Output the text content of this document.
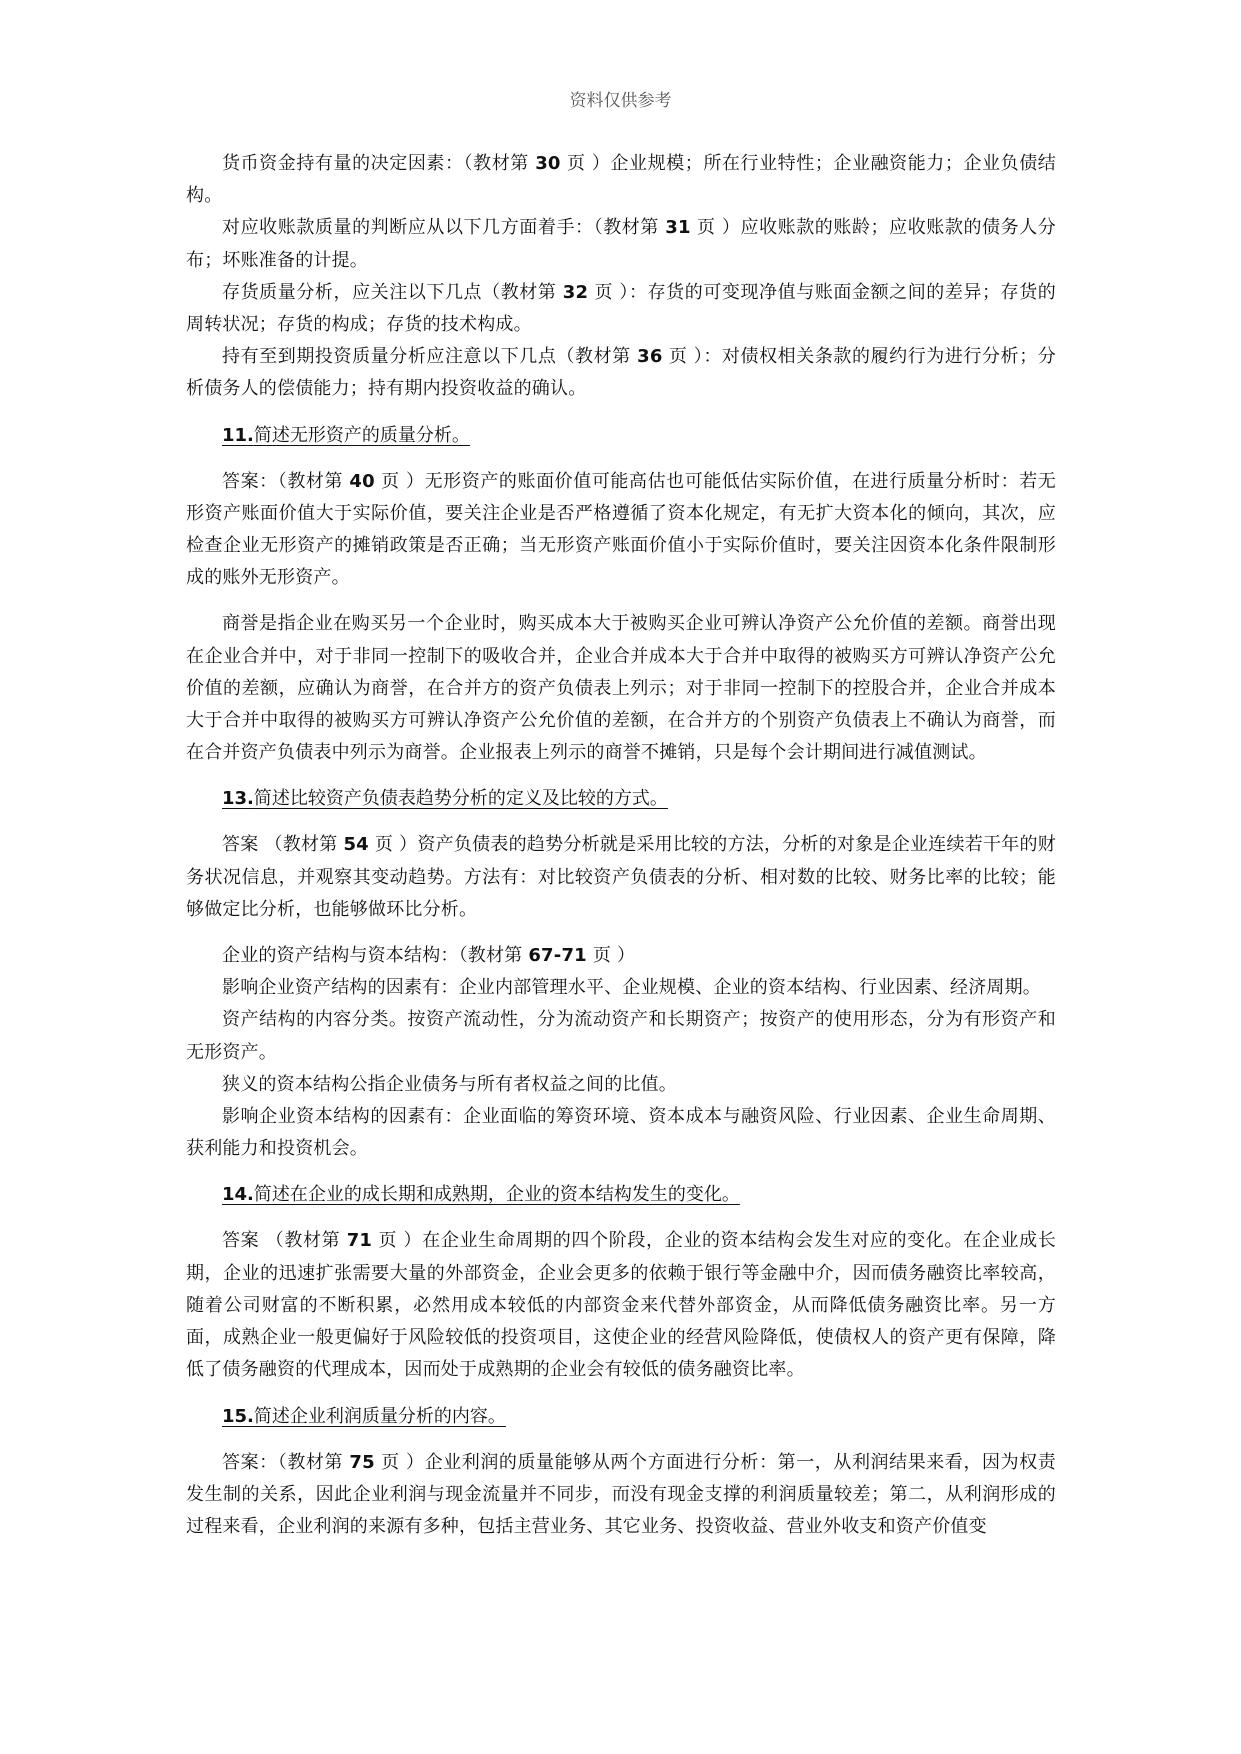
资料仅供参考

货币资金持有量的决定因素：（教材第 30 页 ）企业规模；所在行业特性；企业融资能力；企业负债结构。

对应收账款质量的判断应从以下几方面着手：（教材第 31 页 ）应收账款的账龄；应收账款的债务人分布；坏账准备的计提。

存货质量分析，应关注以下几点（教材第 32 页 ）：存货的可变现净值与账面金额之间的差异；存货的周转状况；存货的构成；存货的技术构成。

持有至到期投资质量分析应注意以下几点（教材第 36 页 ）：对债权相关条款的履约行为进行分析；分析债务人的偿债能力；持有期内投资收益的确认。

11.简述无形资产的质量分析。

答案：（教材第 40 页 ）无形资产的账面价值可能高估也可能低估实际价值，在进行质量分析时：若无形资产账面价值大于实际价值，要关注企业是否严格遵循了资本化规定，有无扩大资本化的倾向，其次，应检查企业无形资产的摊销政策是否正确；当无形资产账面价值小于实际价值时，要关注因资本化条件限制形成的账外无形资产。

商誉是指企业在购买另一个企业时，购买成本大于被购买企业可辨认净资产公允价值的差额。商誉出现在企业合并中，对于非同一控制下的吸收合并，企业合并成本大于合并中取得的被购买方可辨认净资产公允价值的差额，应确认为商誉，在合并方的资产负债表上列示；对于非同一控制下的控股合并，企业合并成本大于合并中取得的被购买方可辨认净资产公允价值的差额，在合并方的个别资产负债表上不确认为商誉，而在合并资产负债表中列示为商誉。企业报表上列示的商誉不摊销，只是每个会计期间进行减值测试。

13.简述比较资产负债表趋势分析的定义及比较的方式。

答案 （教材第 54 页 ）资产负债表的趋势分析就是采用比较的方法，分析的对象是企业连续若干年的财务状况信息，并观察其变动趋势。方法有：对比较资产负债表的分析、相对数的比较、财务比率的比较；能够做定比分析，也能够做环比分析。

企业的资产结构与资本结构：（教材第 67-71 页 ）

影响企业资产结构的因素有：企业内部管理水平、企业规模、企业的资本结构、行业因素、经济周期。

资产结构的内容分类。按资产流动性，分为流动资产和长期资产；按资产的使用形态，分为有形资产和无形资产。

狭义的资本结构公指企业债务与所有者权益之间的比值。

影响企业资本结构的因素有：企业面临的筹资环境、资本成本与融资风险、行业因素、企业生命周期、获利能力和投资机会。

14.简述在企业的成长期和成熟期，企业的资本结构发生的变化。

答案 （教材第 71 页 ）在企业生命周期的四个阶段，企业的资本结构会发生对应的变化。在企业成长期，企业的迅速扩张需要大量的外部资金，企业会更多的依赖于银行等金融中介，因而债务融资比率较高，随着公司财富的不断积累，必然用成本较低的内部资金来代替外部资金，从而降低债务融资比率。另一方面，成熟企业一般更偏好于风险较低的投资项目，这使企业的经营风险降低，使债权人的资产更有保障，降低了债务融资的代理成本，因而处于成熟期的企业会有较低的债务融资比率。

15.简述企业利润质量分析的内容。

答案：（教材第 75 页 ）企业利润的质量能够从两个方面进行分析：第一，从利润结果来看，因为权责发生制的关系，因此企业利润与现金流量并不同步，而没有现金支撑的利润质量较差；第二，从利润形成的过程来看，企业利润的来源有多种，包括主营业务、其它业务、投资收益、营业外收支和资产价值变
